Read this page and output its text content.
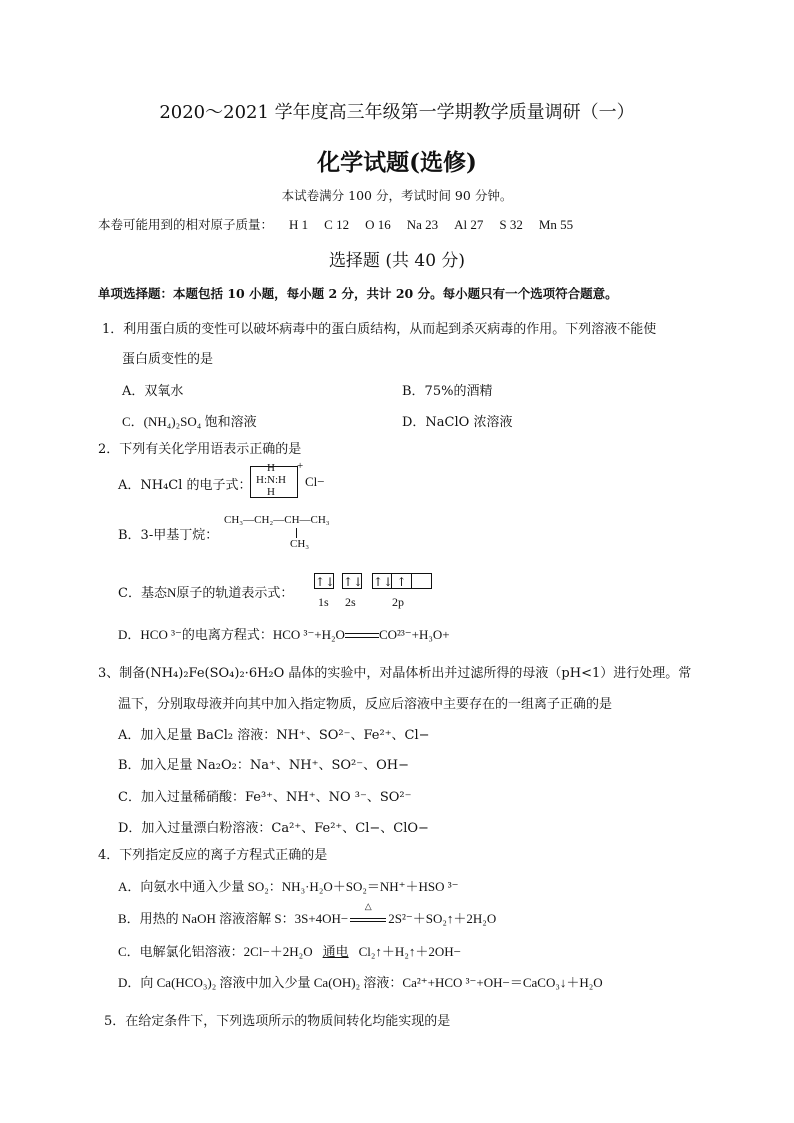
2020～2021 学年度高三年级第一学期教学质量调研（一）
化学试题(选修)
本试卷满分 100 分，考试时间 90 分钟。
本卷可能用到的相对原子质量： H 1 C 12 O 16 Na 23 Al 27 S 32 Mn 55
选择题 (共 40 分)
单项选择题：本题包括 10 小题，每小题 2 分，共计 20 分。每小题只有一个选项符合题意。
1．利用蛋白质的变性可以破坏病毒中的蛋白质结构，从而起到杀灭病毒的作用。下列溶液不能使
蛋白质变性的是
A．双氧水	B．75%的酒精
C．(NH₄)₂SO₄ 饱和溶液	D．NaClO 浓溶液
2．下列有关化学用语表示正确的是
A．NH₄Cl 的电子式：
H
H:N:H
H
+
Cl−
B．3-甲基丁烷：
CH₃—CH₂—CH—CH₃
CH₃
C．基态N原子的轨道表示式：
↑↓ ↑↓ ↑↓ ↑
1s 2s	2p
D．HCO ³⁻的电离方程式：HCO ³⁻+H₂O	CO²³⁻+H₃O+
3、制备(NH₄)₂Fe(SO₄)₂·6H₂O 晶体的实验中，对晶体析出并过滤所得的母液（pH<1）进行处理。常
温下，分别取母液并向其中加入指定物质，反应后溶液中主要存在的一组离子正确的是
A．加入足量 BaCl₂ 溶液：NH⁺、SO²⁻、Fe²⁺、Cl−
B．加入足量 Na₂O₂：Na⁺、NH⁺、SO²⁻、OH−
C．加入过量稀硝酸：Fe³⁺、NH⁺、NO ³⁻、SO²⁻
D．加入过量漂白粉溶液：Ca²⁺、Fe²⁺、Cl−、ClO−
4．下列指定反应的离子方程式正确的是
A．向氨水中通入少量 SO₂：NH₃·H₂O＋SO₂＝NH⁺＋HSO ³⁻
B．用热的 NaOH 溶液溶解 S：3S+4OH−
△
2S²⁻＋SO₂↑＋2H₂O
C．电解氯化铝溶液：2Cl−＋2H₂O 通电 Cl₂↑＋H₂↑＋2OH−
D．向 Ca(HCO₃)₂ 溶液中加入少量 Ca(OH)₂ 溶液：Ca²⁺+HCO ³⁻+OH−＝CaCO₃↓＋H₂O
5．在给定条件下，下列选项所示的物质间转化均能实现的是
